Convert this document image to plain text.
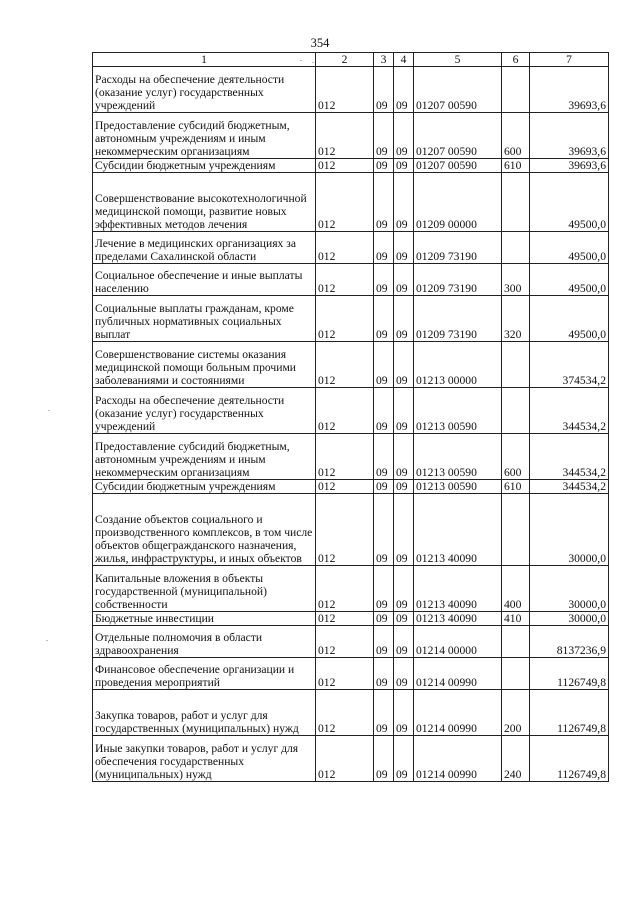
354
1	2	3	4	5	6	7
Расходы на обеспечение деятельности (оказание услуг) государственных учреждений	012	09	09	01207 00590		39693,6
Предоставление субсидий бюджетным, автономным учреждениям и иным некоммерческим организациям	012	09	09	01207 00590	600	39693,6
Субсидии бюджетным учреждениям	012	09	09	01207 00590	610	39693,6
Совершенствование высокотехнологичной медицинской помощи, развитие новых эффективных методов лечения	012	09	09	01209 00000		49500,0
Лечение в медицинских организациях за пределами Сахалинской области	012	09	09	01209 73190		49500,0
Социальное обеспечение и иные выплаты населению	012	09	09	01209 73190	300	49500,0
Социальные выплаты гражданам, кроме публичных нормативных социальных выплат	012	09	09	01209 73190	320	49500,0
Совершенствование системы оказания медицинской помощи больным прочими заболеваниями и состояниями	012	09	09	01213 00000		374534,2
Расходы на обеспечение деятельности (оказание услуг) государственных учреждений	012	09	09	01213 00590		344534,2
Предоставление субсидий бюджетным, автономным учреждениям и иным некоммерческим организациям	012	09	09	01213 00590	600	344534,2
Субсидии бюджетным учреждениям	012	09	09	01213 00590	610	344534,2
Создание объектов социального и производственного комплексов, в том числе объектов общегражданского назначения, жилья, инфраструктуры, и иных объектов	012	09	09	01213 40090		30000,0
Капитальные вложения в объекты государственной (муниципальной) собственности	012	09	09	01213 40090	400	30000,0
Бюджетные инвестиции	012	09	09	01213 40090	410	30000,0
Отдельные полномочия в области здравоохранения	012	09	09	01214 00000		8137236,9
Финансовое обеспечение организации и проведения мероприятий	012	09	09	01214 00990		1126749,8
Закупка товаров, работ и услуг для государственных (муниципальных) нужд	012	09	09	01214 00990	200	1126749,8
Иные закупки товаров, работ и услуг для обеспечения государственных (муниципальных) нужд	012	09	09	01214 00990	240	1126749,8
